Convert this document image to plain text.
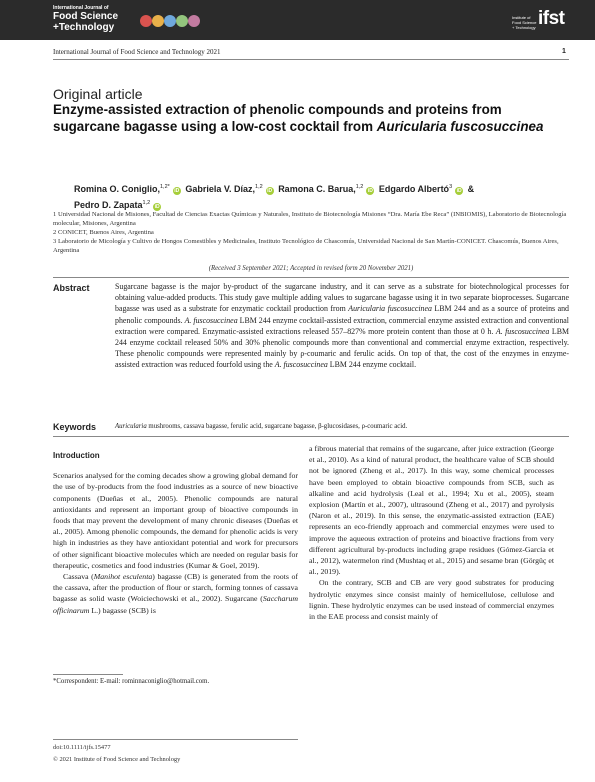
International Journal of
Food Science
+Technology
Institute of Food Science + Technology ifst
International Journal of Food Science and Technology 2021	1
Original article
Enzyme-assisted extraction of phenolic compounds and proteins from sugarcane bagasse using a low-cost cocktail from Auricularia fuscosuccinea
Romina O. Coniglio,$^{1,2*}$iD Gabriela V. Díaz,$^{1,2}$iD Ramona C. Barua,$^{1,2}$iD Edgardo Albertó$^3$iD &
Pedro D. Zapata$^{1,2}$iD

1 Universidad Nacional de Misiones, Facultad de Ciencias Exactas Químicas y Naturales, Instituto de Biotecnología Misiones “Dra. María Ebe Reca” (INBIOMIS), Laboratorio de Biotecnología molecular, Misiones, Argentina

2 CONICET, Buenos Aires, Argentina

3 Laboratorio de Micología y Cultivo de Hongos Comestibles y Medicinales, Instituto Tecnológico de Chascomús, Universidad Nacional de San Martín-CONICET. Chascomús, Buenos Aires, Argentina

(Received 3 September 2021; Accepted in revised form 20 November 2021)
Abstract	Sugarcane bagasse is the major by-product of the sugarcane industry, and it can serve as a substrate for biotechnological processes for obtaining value-added products. This study gave multiple adding values to sugarcane bagasse using it in two separate bioprocesses. Sugarcane bagasse was used as a substrate for enzymatic cocktail production from Auricularia fuscosuccinea LBM 244 and as a source of proteins and phenolic compounds. A. fuscosuccinea LBM 244 enzyme cocktail-assisted extraction, commercial enzyme assisted extraction and conventional extraction were compared. Enzymatic-assisted extractions released 557–827% more protein content than those at 0 h. A. fuscosuccinea LBM 244 enzyme cocktail released 50% and 30% phenolic compounds more than conventional and commercial enzyme extraction, respectively. These phenolic compounds were represented mainly by ρ-coumaric and ferulic acids. On top of that, the cost of the enzymes in enzyme-assisted extraction was reduced fourfold using the A. fuscosuccinea LBM 244 enzyme cocktail.
Keywords	Auricularia mushrooms, cassava bagasse, ferulic acid, sugarcane bagasse, β-glucosidases, ρ-coumaric acid.
Introduction

Scenarios analysed for the coming decades show a growing global demand for the use of by-products from the food industries as a source of new bioactive components (Dueñas et al., 2005). Phenolic compounds are natural antioxidants and represent an important group of bioactive compounds in foods that may prevent the development of many chronic diseases (Dueñas et al., 2005). Among phenolic compounds, the demand for phenolic acids is very high in industries as they have antioxidant potential and work for precursors of other significant bioactive molecules which are needed on regular basis for therapeutic, cosmetics and food industries (Kumar & Goel, 2019).

Cassava (Manihot esculenta) bagasse (CB) is generated from the roots of the cassava, after the production of flour or starch, forming tonnes of cassava bagasse as solid waste (Woiciechowski et al., 2002). Sugarcane (Saccharum officinarum L.) bagasse (SCB) is

a fibrous material that remains of the sugarcane, after juice extraction (George et al., 2010). As a kind of natural product, the healthcare value of SCB should not be ignored (Zheng et al., 2017). In this way, some chemical processes have been employed to obtain bioactive compounds from SCB, such as alkaline and acid hydrolysis (Leal et al., 1994; Xu et al., 2005), steam explosion (Martín et al., 2007), ultrasound (Zheng et al., 2017) and pyrolysis (Naron et al., 2019). In this sense, the enzymatic-assisted extraction (EAE) represents an eco-friendly approach and commercial enzymes were used to improve the aqueous extraction of proteins and bioactive fractions from very different agricultural by-products including grape residues (Gómez-García et al., 2012), watermelon rind (Mushtaq et al., 2015) and sesame bran (Görgüç et al., 2019).

On the contrary, SCB and CB are very good substrates for producing hydrolytic enzymes since consist mainly of hemicellulose, cellulose and lignin. These hydrolytic enzymes can be used instead of commercial enzymes in the EAE process and consist mainly of

*Correspondent: E-mail: rominnaconiglio@hotmail.com.
doi:10.1111/ijfs.15477
© 2021 Institute of Food Science and Technology
